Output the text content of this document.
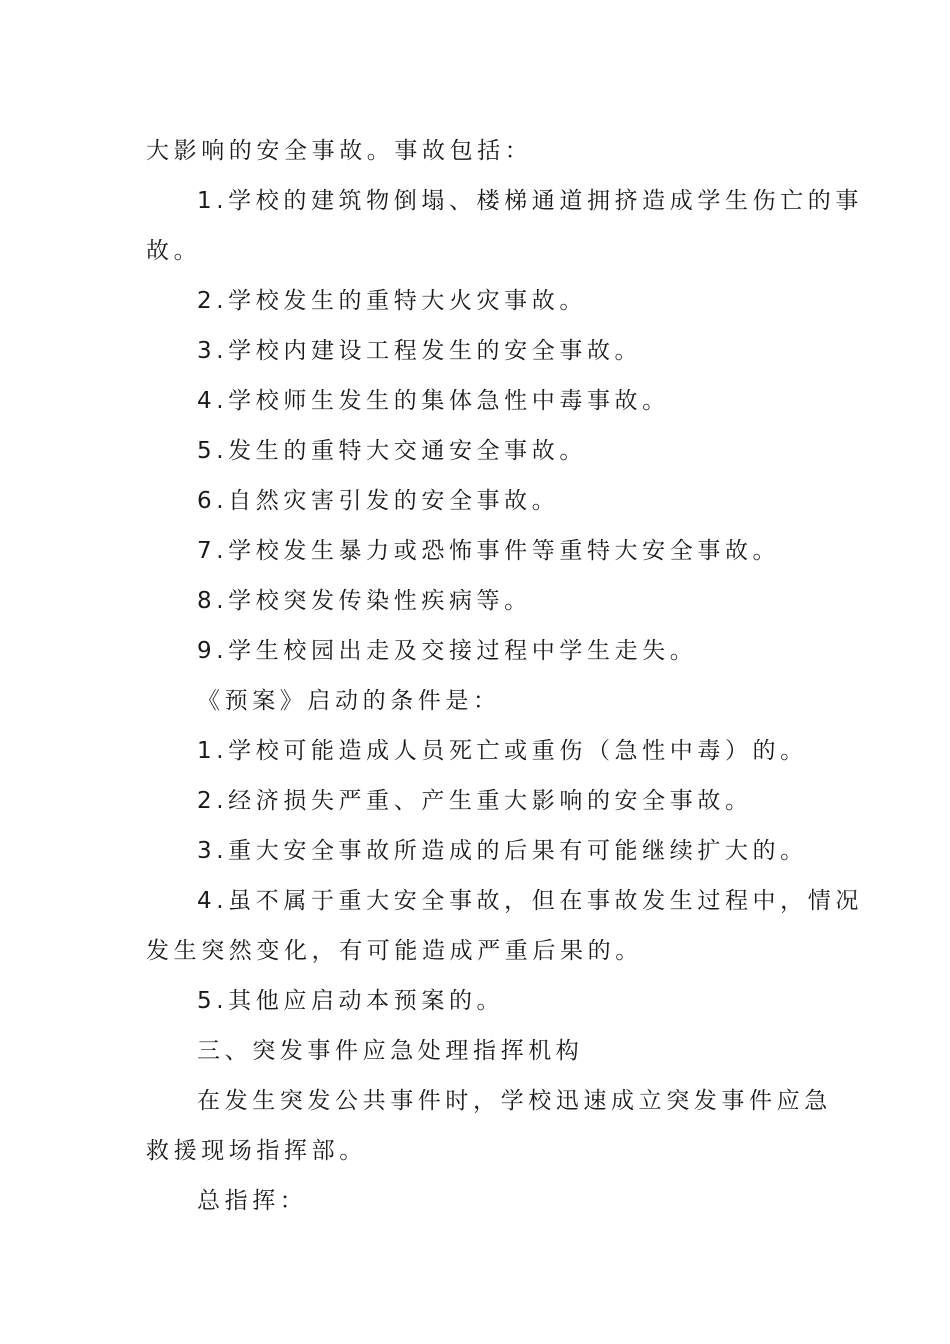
大影响的安全事故。事故包括：
1.学校的建筑物倒塌、楼梯通道拥挤造成学生伤亡的事
故。
2.学校发生的重特大火灾事故。
3.学校内建设工程发生的安全事故。
4.学校师生发生的集体急性中毒事故。
5.发生的重特大交通安全事故。
6.自然灾害引发的安全事故。
7.学校发生暴力或恐怖事件等重特大安全事故。
8.学校突发传染性疾病等。
9.学生校园出走及交接过程中学生走失。
《预案》启动的条件是：
1.学校可能造成人员死亡或重伤（急性中毒）的。
2.经济损失严重、产生重大影响的安全事故。
3.重大安全事故所造成的后果有可能继续扩大的。
4.虽不属于重大安全事故，但在事故发生过程中，情况
发生突然变化，有可能造成严重后果的。
5.其他应启动本预案的。
三、突发事件应急处理指挥机构
在发生突发公共事件时，学校迅速成立突发事件应急
救援现场指挥部。
总指挥：
